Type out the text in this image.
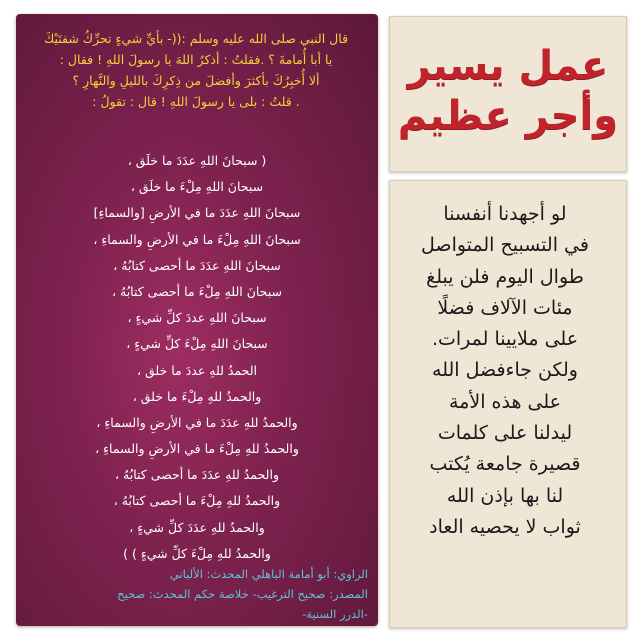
قال النبي صلى الله عليه وسلم :((- بأيِّ شيءٍ تحرِّكُ شفتَيْكَ

يا أبا أُمامةَ ؟ .فقلتُ : أذكرُ اللهَ يا رسولَ اللهِ ! فقال :

ألا أُخبِرُكَ بأكثرَ وأفضلَ من ذِكرِكَ بالليلِ والنَّهارِ ؟

. قلتُ : بلى يا رسولَ اللهِ ! قال : تقولُ :

( سبحانَ اللهِ عدَدَ ما خلَق ،
سبحانَ اللهِ مِلْءَ ما خلَق ،
سبحانَ اللهِ عدَدَ ما في الأرضِ [والسماءِ]
سبحانَ اللهِ مِلْءَ ما في الأرضِ والسماءِ ،
سبحانَ اللهِ عدَدَ ما أحصى كتابُهُ ،
سبحانَ اللهِ مِلْءَ ما أحصى كتابُهُ ،
سبحانَ اللهِ عددَ كلِّ شيءٍ ،
سبحانَ اللهِ مِلْءَ كلِّ شيءٍ ،
الحمدُ للهِ عددَ ما خلق ،
والحمدُ للهِ مِلْءَ ما خلق ،
والحمدُ للهِ عدَدَ ما في الأرضِ والسماءِ ،
والحمدُ للهِ مِلْءَ ما في الأرضِ والسماءِ ،
والحمدُ للهِ عدَدَ ما أحصى كتابُهُ ،
والحمدُ للهِ مِلْءَ ما أحصى كتابُهُ ،
والحمدُ للهِ عدَدَ كلِّ شيءٍ ،
والحمدُ للهِ مِلْءَ كلِّ شيءٍ ) )

الراوي: أبو أمامة الباهلي المحدث: الألباني

المصدر: صحيح الترغيب- خلاصة حكم المحدث: صحيح

-الدرر السنية-

عمل يسير
وأجر عظيم
لو أجهدنا أنفسنا
في التسبيح المتواصل
طوال اليوم فلن يبلغ
مئات الآلاف فضلًا
على ملايينا لمرات.
ولكن جاءفضل الله
على هذه الأمة
ليدلنا على كلمات
قصيرة جامعة يُكتب
لنا بها بإذن الله
ثواب لا يحصيه العاد
